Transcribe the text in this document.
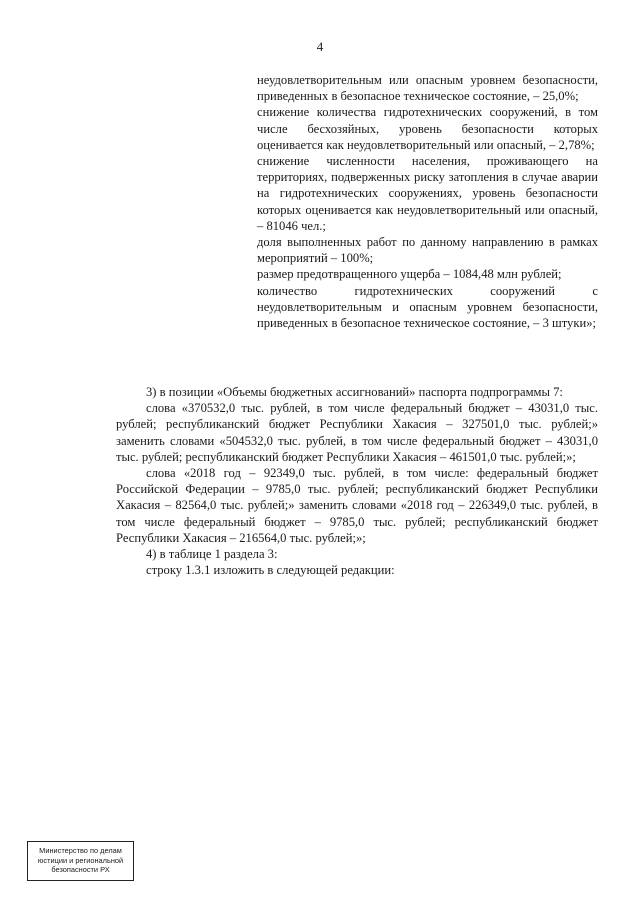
4

неудовлетворительным или опасным уровнем безопасности, приведенных в безопасное техническое состояние, – 25,0%;

снижение количества гидротехнических сооружений, в том числе бесхозяйных, уровень безопасности которых оценивается как неудовлетворительный или опасный, – 2,78%;

снижение численности населения, проживающего на территориях, подверженных риску затопления в случае аварии на гидротехнических сооружениях, уровень безопасности которых оценивается как неудовлетворительный или опасный, – 81046 чел.;

доля выполненных работ по данному направлению в рамках мероприятий – 100%;

размер предотвращенного ущерба – 1084,48 млн рублей;

количество гидротехнических сооружений с неудовлетворительным и опасным уровнем безопасности, приведенных в безопасное техническое состояние, – 3 штуки»;

3) в позиции «Объемы бюджетных ассигнований» паспорта подпрограммы 7:

слова «370532,0 тыс. рублей, в том числе федеральный бюджет – 43031,0 тыс. рублей; республиканский бюджет Республики Хакасия – 327501,0 тыс. рублей;» заменить словами «504532,0 тыс. рублей, в том числе федеральный бюджет – 43031,0 тыс. рублей; республиканский бюджет Республики Хакасия – 461501,0 тыс. рублей;»;

слова «2018 год – 92349,0 тыс. рублей, в том числе: федеральный бюджет Российской Федерации – 9785,0 тыс. рублей; республиканский бюджет Республики Хакасия – 82564,0 тыс. рублей;» заменить словами «2018 год – 226349,0 тыс. рублей, в том числе федеральный бюджет – 9785,0 тыс. рублей; республиканский бюджет Республики Хакасия – 216564,0 тыс. рублей;»;

4) в таблице 1 раздела 3:

строку 1.3.1 изложить в следующей редакции:

Министерство по делам
юстиции и региональной
безопасности РХ
